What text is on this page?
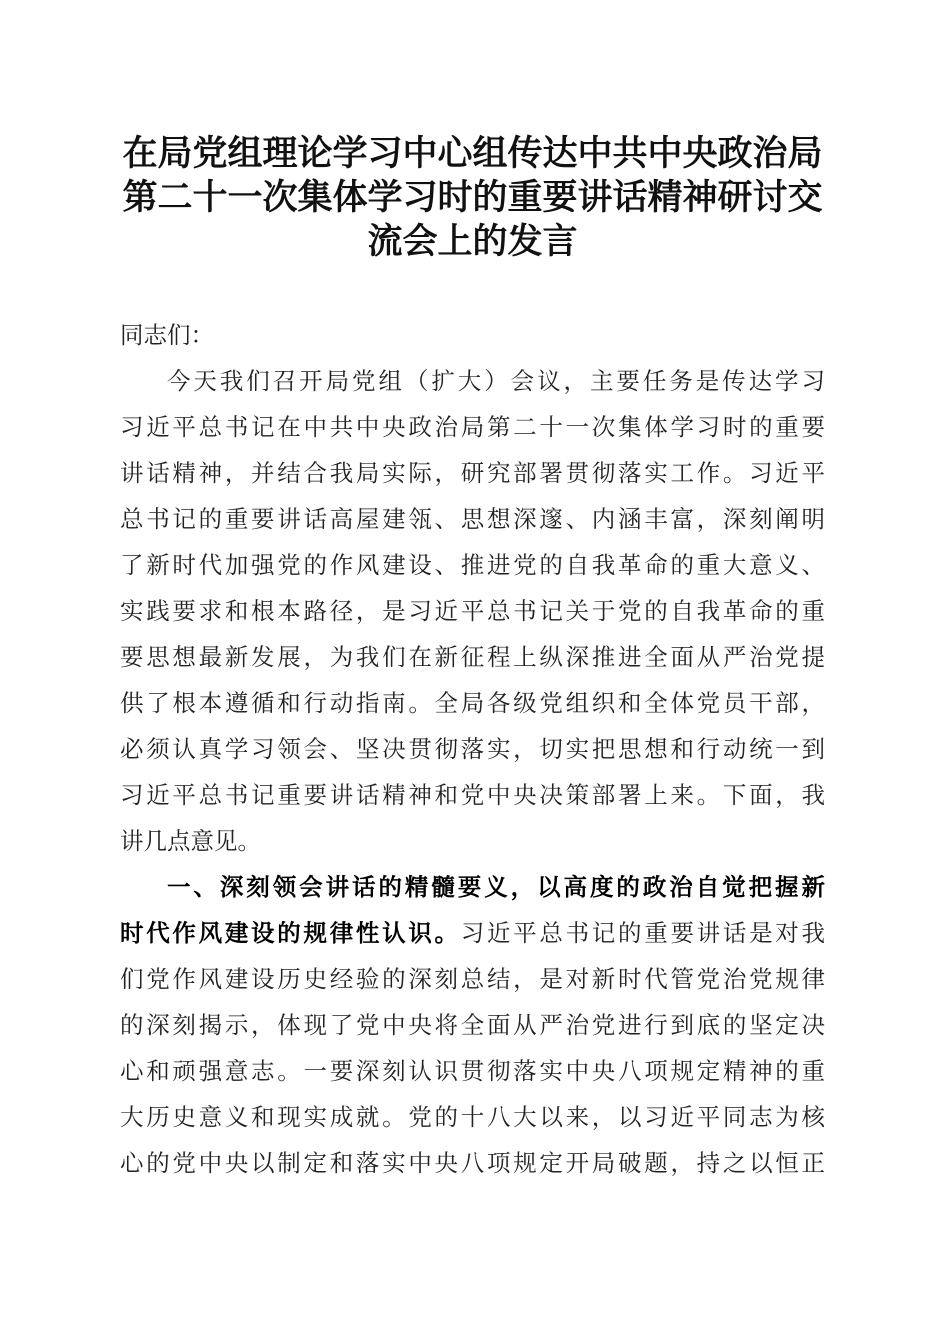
在局党组理论学习中心组传达中共中央政治局
第二十一次集体学习时的重要讲话精神研讨交
流会上的发言
同志们：
今天我们召开局党组（扩大）会议，主要任务是传达学习
习近平总书记在中共中央政治局第二十一次集体学习时的重要
讲话精神，并结合我局实际，研究部署贯彻落实工作。习近平
总书记的重要讲话高屋建瓴、思想深邃、内涵丰富，深刻阐明
了新时代加强党的作风建设、推进党的自我革命的重大意义、
实践要求和根本路径，是习近平总书记关于党的自我革命的重
要思想最新发展，为我们在新征程上纵深推进全面从严治党提
供了根本遵循和行动指南。全局各级党组织和全体党员干部，
必须认真学习领会、坚决贯彻落实，切实把思想和行动统一到
习近平总书记重要讲话精神和党中央决策部署上来。下面，我
讲几点意见。
一、深刻领会讲话的精髓要义，以高度的政治自觉把握新
时代作风建设的规律性认识。习近平总书记的重要讲话是对我
们党作风建设历史经验的深刻总结，是对新时代管党治党规律
的深刻揭示，体现了党中央将全面从严治党进行到底的坚定决
心和顽强意志。一要深刻认识贯彻落实中央八项规定精神的重
大历史意义和现实成就。党的十八大以来，以习近平同志为核
心的党中央以制定和落实中央八项规定开局破题，持之以恒正
